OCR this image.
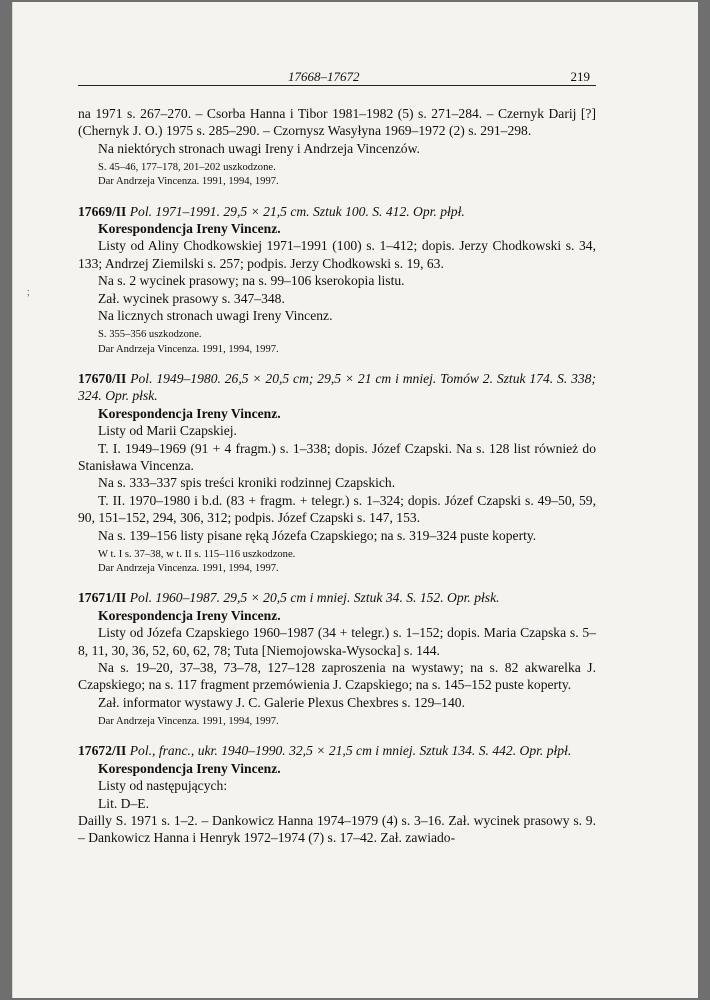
;
17668–17672	219

na 1971 s. 267–270. – Csorba Hanna i Tibor 1981–1982 (5) s. 271–284. – Czernyk Darij [?] (Chernyk J. O.) 1975 s. 285–290. – Czornysz Wasyłyna 1969–1972 (2) s. 291–298.

Na niektórych stronach uwagi Ireny i Andrzeja Vincenzów.

S. 45–46, 177–178, 201–202 uszkodzone.

Dar Andrzeja Vincenza. 1991, 1994, 1997.

17669/II Pol. 1971–1991. 29,5 × 21,5 cm. Sztuk 100. S. 412. Opr. płpł.

Korespondencja Ireny Vincenz.

Listy od Aliny Chodkowskiej 1971–1991 (100) s. 1–412; dopis. Jerzy Chodkowski s. 34, 133; Andrzej Ziemilski s. 257; podpis. Jerzy Chodkowski s. 19, 63.

Na s. 2 wycinek prasowy; na s. 99–106 kserokopia listu.

Zał. wycinek prasowy s. 347–348.

Na licznych stronach uwagi Ireny Vincenz.

S. 355–356 uszkodzone.

Dar Andrzeja Vincenza. 1991, 1994, 1997.

17670/II Pol. 1949–1980. 26,5 × 20,5 cm; 29,5 × 21 cm i mniej. Tomów 2. Sztuk 174. S. 338; 324. Opr. płsk.

Korespondencja Ireny Vincenz.

Listy od Marii Czapskiej.

T. I. 1949–1969 (91 + 4 fragm.) s. 1–338; dopis. Józef Czapski. Na s. 128 list również do Stanisława Vincenza.

Na s. 333–337 spis treści kroniki rodzinnej Czapskich.

T. II. 1970–1980 i b.d. (83 + fragm. + telegr.) s. 1–324; dopis. Józef Czapski s. 49–50, 59, 90, 151–152, 294, 306, 312; podpis. Józef Czapski s. 147, 153.

Na s. 139–156 listy pisane ręką Józefa Czapskiego; na s. 319–324 puste koperty.

W t. I s. 37–38, w t. II s. 115–116 uszkodzone.

Dar Andrzeja Vincenza. 1991, 1994, 1997.

17671/II Pol. 1960–1987. 29,5 × 20,5 cm i mniej. Sztuk 34. S. 152. Opr. płsk.

Korespondencja Ireny Vincenz.

Listy od Józefa Czapskiego 1960–1987 (34 + telegr.) s. 1–152; dopis. Maria Czapska s. 5–8, 11, 30, 36, 52, 60, 62, 78; Tuta [Niemojowska-Wysocka] s. 144.

Na s. 19–20, 37–38, 73–78, 127–128 zaproszenia na wystawy; na s. 82 akwarelka J. Czapskiego; na s. 117 fragment przemówienia J. Czapskiego; na s. 145–152 puste koperty.

Zał. informator wystawy J. C. Galerie Plexus Chexbres s. 129–140.

Dar Andrzeja Vincenza. 1991, 1994, 1997.

17672/II Pol., franc., ukr. 1940–1990. 32,5 × 21,5 cm i mniej. Sztuk 134. S. 442. Opr. płpł.

Korespondencja Ireny Vincenz.

Listy od następujących:

Lit. D–E.

Dailly S. 1971 s. 1–2. – Dankowicz Hanna 1974–1979 (4) s. 3–16. Zał. wycinek prasowy s. 9. – Dankowicz Hanna i Henryk 1972–1974 (7) s. 17–42. Zał. zawiado-
